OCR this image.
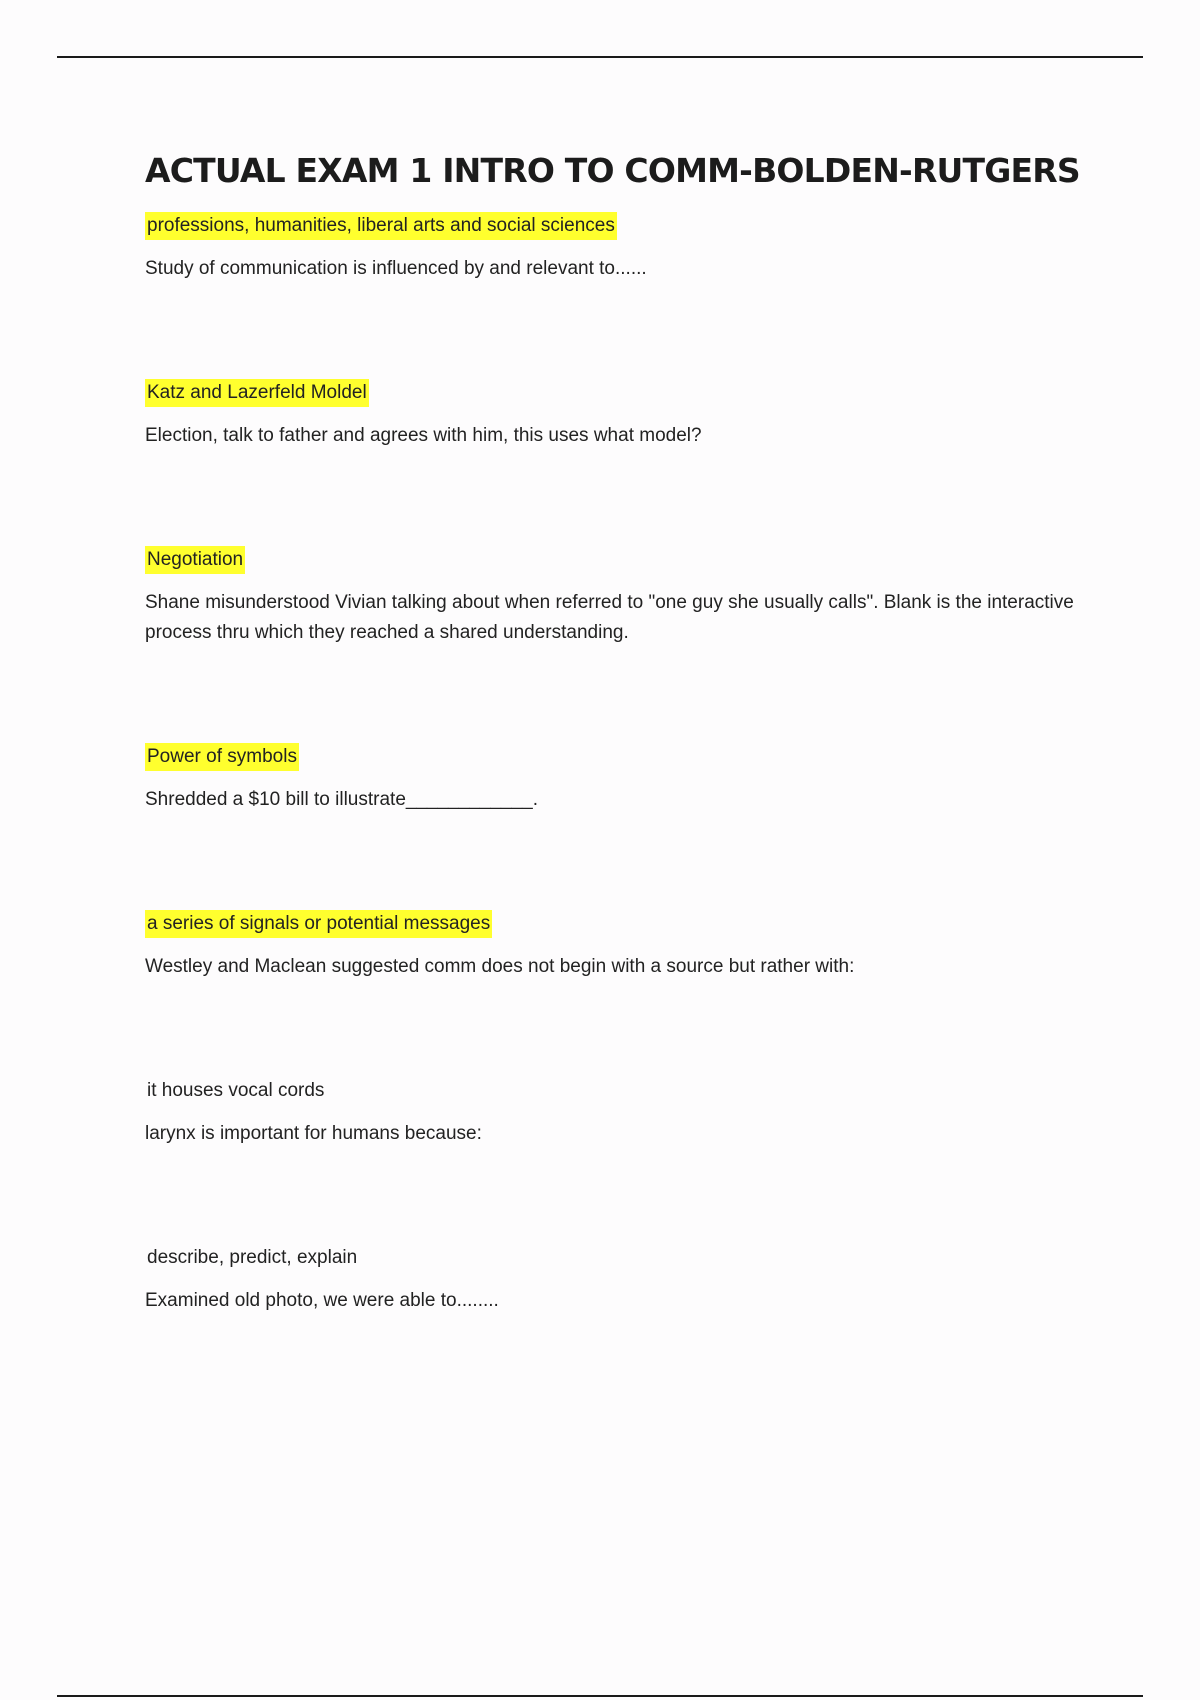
ACTUAL EXAM 1 INTRO TO COMM-BOLDEN-RUTGERS
professions, humanities, liberal arts and social sciences
Study of communication is influenced by and relevant to......
Katz and Lazerfeld Moldel
Election, talk to father and agrees with him, this uses what model?
Negotiation
Shane misunderstood Vivian talking about when referred to "one guy she usually calls". Blank is the interactive process thru which they reached a shared understanding.
Power of symbols
Shredded a $10 bill to illustrate____________.
a series of signals or potential messages
Westley and Maclean suggested comm does not begin with a source but rather with:
it houses vocal cords
larynx is important for humans because:
describe, predict, explain
Examined old photo, we were able to........
